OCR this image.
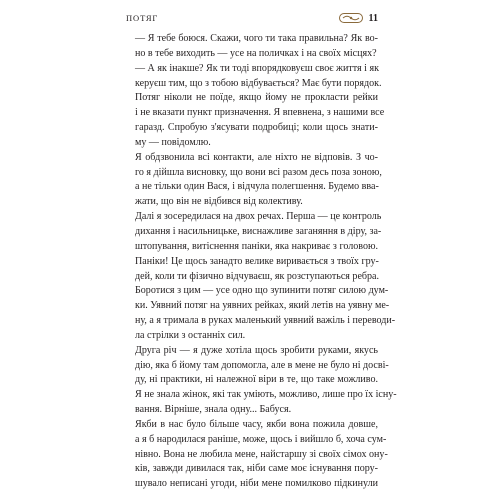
ПОТЯГ	11

— Я тебе боюся. Скажи, чого ти така правильна? Як во-
но в тебе виходить — усе на поличках і на своїх місцях?

— А як інакше? Як ти тоді впорядковуєш своє життя і як
керуєш тим, що з тобою відбувається? Має бути порядок.
Потяг ніколи не поїде, якщо йому не прокласти рейки
і не вказати пункт призначення. Я впевнена, з нашими все
гаразд. Спробую з'ясувати подробиці; коли щось знати-
му — повідомлю.

Я обдзвонила всі контакти, але ніхто не відповів. З чо-
го я дійшла висновку, що вони всі разом десь поза зоною,
а не тільки один Вася, і відчула полегшення. Будемо вва-
жати, що він не відбився від колективу.

Далі я зосередилася на двох речах. Перша — це контроль
дихання і насильницьке, виснажливе заганяння в діру, за-
штопування, витіснення паніки, яка накриває з головою.
Паніки! Це щось занадто велике виривається з твоїх гру-
дей, коли ти фізично відчуваєш, як розступаються ребра.
Боротися з цим — усе одно що зупинити потяг силою дум-
ки. Уявний потяг на уявних рейках, який летів на уявну ме-
ну, а я тримала в руках маленький уявний важіль і переводи-
ла стрілки з останніх сил.

Друга річ — я дуже хотіла щось зробити руками, якусь
дію, яка б йому там допомогла, але в мене не було ні досві-
ду, ні практики, ні належної віри в те, що таке можливо.
Я не знала жінок, які так уміють, можливо, лише про їх існу-
вання. Вірніше, знала одну... Бабуся.

Якби в нас було більше часу, якби вона пожила довше,
а я б народилася раніше, може, щось і вийшло б, хоча сум-
нівно. Вона не любила мене, найстаршу зі своїх сімох ону-
ків, завжди дивилася так, ніби саме моє існування пору-
шувало неписані угоди, ніби мене помилково підкинули
